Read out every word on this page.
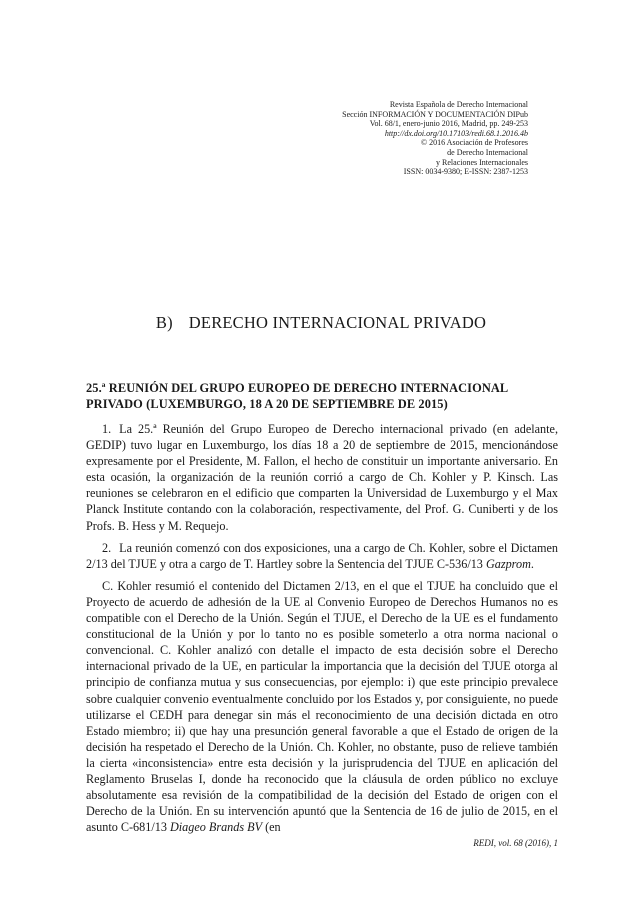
Revista Española de Derecho Internacional
Sección INFORMACIÓN Y DOCUMENTACIÓN DIPub
Vol. 68/1, enero-junio 2016, Madrid, pp. 249-253
http://dx.doi.org/10.17103/redi.68.1.2016.4b
© 2016 Asociación de Profesores
de Derecho Internacional
y Relaciones Internacionales
ISSN: 0034-9380; E-ISSN: 2387-1253
B) DERECHO INTERNACIONAL PRIVADO
25.ª REUNIÓN DEL GRUPO EUROPEO DE DERECHO INTERNACIONAL
PRIVADO (LUXEMBURGO, 18 A 20 DE SEPTIEMBRE DE 2015)

1. La 25.ª Reunión del Grupo Europeo de Derecho internacional privado (en adelante, GEDIP) tuvo lugar en Luxemburgo, los días 18 a 20 de septiembre de 2015, mencionándose expresamente por el Presidente, M. Fallon, el hecho de constituir un importante aniversario. En esta ocasión, la organización de la reunión corrió a cargo de Ch. Kohler y P. Kinsch. Las reuniones se celebraron en el edificio que comparten la Universidad de Luxemburgo y el Max Planck Institute contando con la colaboración, respectivamente, del Prof. G. Cuniberti y de los Profs. B. Hess y M. Requejo.

2. La reunión comenzó con dos exposiciones, una a cargo de Ch. Kohler, sobre el Dictamen 2/13 del TJUE y otra a cargo de T. Hartley sobre la Sentencia del TJUE C-536/13 Gazprom.

C. Kohler resumió el contenido del Dictamen 2/13, en el que el TJUE ha concluido que el Proyecto de acuerdo de adhesión de la UE al Convenio Europeo de Derechos Humanos no es compatible con el Derecho de la Unión. Según el TJUE, el Derecho de la UE es el fundamento constitucional de la Unión y por lo tanto no es posible someterlo a otra norma nacional o convencional. C. Kohler analizó con detalle el impacto de esta decisión sobre el Derecho internacional privado de la UE, en particular la importancia que la decisión del TJUE otorga al principio de confianza mutua y sus consecuencias, por ejemplo: i) que este principio prevalece sobre cualquier convenio eventualmente concluido por los Estados y, por consiguiente, no puede utilizarse el CEDH para denegar sin más el reconocimiento de una decisión dictada en otro Estado miembro; ii) que hay una presunción general favorable a que el Estado de origen de la decisión ha respetado el Derecho de la Unión. Ch. Kohler, no obstante, puso de relieve también la cierta «inconsistencia» entre esta decisión y la jurisprudencia del TJUE en aplicación del Reglamento Bruselas I, donde ha reconocido que la cláusula de orden público no excluye absolutamente esa revisión de la compatibilidad de la decisión del Estado de origen con el Derecho de la Unión. En su intervención apuntó que la Sentencia de 16 de julio de 2015, en el asunto C-681/13 Diageo Brands BV (en

REDI, vol. 68 (2016), 1
